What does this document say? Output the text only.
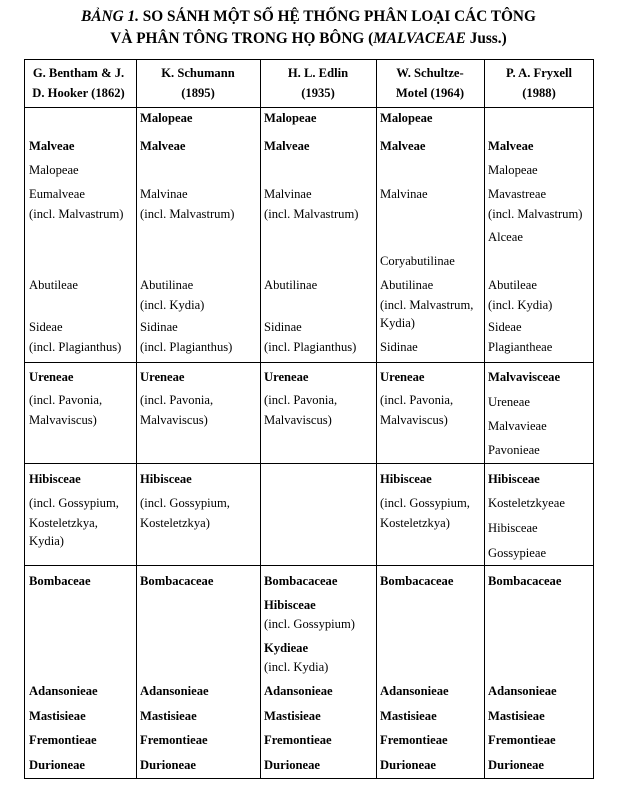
BẢNG 1. SO SÁNH MỘT SỐ HỆ THỐNG PHÂN LOẠI CÁC TÔNG
VÀ PHÂN TÔNG TRONG HỌ BÔNG (MALVACEAE Juss.)
G. Bentham & J.
D. Hooker (1862)
K. Schumann
(1895)
H. L. Edlin
(1935)
W. Schultze-
Motel (1964)
P. A. Fryxell
(1988)
Malveae
Malopeae
Eumalveae
(incl. Malvastrum)
Abutileae
Sideae
(incl. Plagianthus)
Malopeae
Malveae
Malvinae
(incl. Malvastrum)
Abutilinae
(incl. Kydia)
Sidinae
(incl. Plagianthus)
Malopeae
Malveae
Malvinae
(incl. Malvastrum)
Abutilinae
Sidinae
(incl. Plagianthus)
Malopeae
Malveae
Malvinae
Coryabutilinae
Abutilinae
(incl. Malvastrum,
Kydia)
Sidinae
Malveae
Malopeae
Mavastreae
(incl. Malvastrum)
Alceae
Abutileae
(incl. Kydia)
Sideae
Plagiantheae
Ureneae
(incl. Pavonia,
Malvaviscus)
Ureneae
(incl. Pavonia,
Malvaviscus)
Ureneae
(incl. Pavonia,
Malvaviscus)
Ureneae
(incl. Pavonia,
Malvaviscus)
Malvavisceae
Ureneae
Malvavieae
Pavonieae
Hibisceae
(incl. Gossypium,
Kosteletzkya,
Kydia)
Hibisceae
(incl. Gossypium,
Kosteletzkya)
Hibisceae
(incl. Gossypium,
Kosteletzkya)
Hibisceae
Kosteletzkyeae
Hibisceae
Gossypieae
Bombaceae
Adansonieae
Mastisieae
Fremontieae
Durioneae
Bombacaceae
Adansonieae
Mastisieae
Fremontieae
Durioneae
Bombacaceae
Hibisceae
(incl. Gossypium)
Kydieae
(incl. Kydia)
Adansonieae
Mastisieae
Fremontieae
Durioneae
Bombacaceae
Adansonieae
Mastisieae
Fremontieae
Durioneae
Bombacaceae
Adansonieae
Mastisieae
Fremontieae
Durioneae
